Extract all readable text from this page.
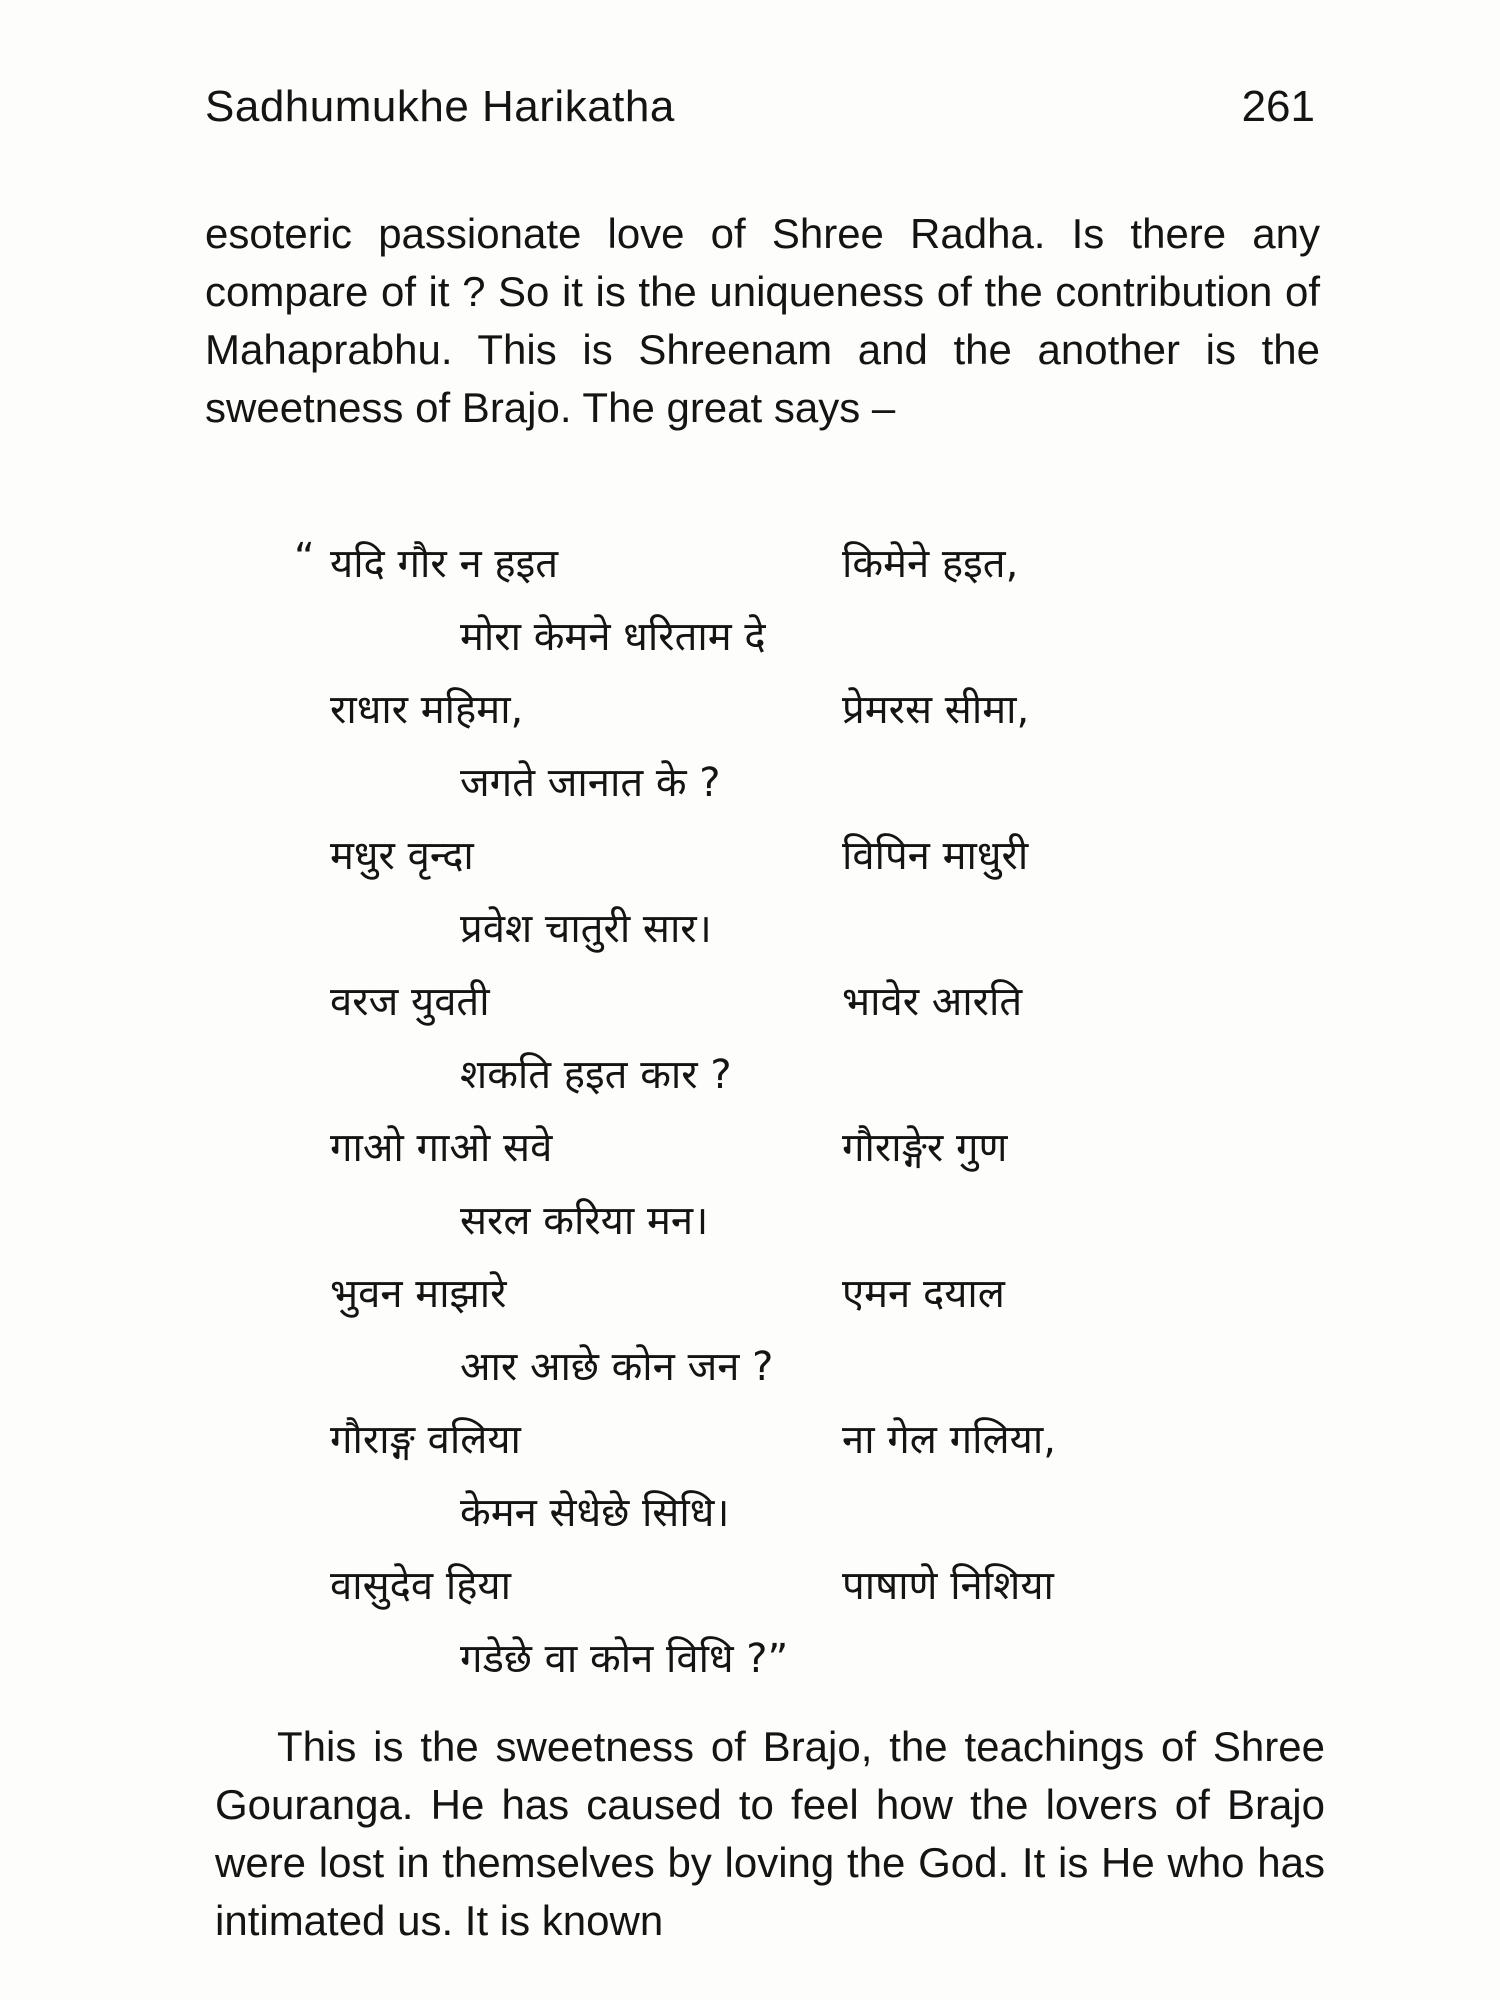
Sadhumukhe Harikatha	261

esoteric passionate love of Shree Radha. Is there any compare of it ? So it is the uniqueness of the contribution of Mahaprabhu. This is Shreenam and the another is the sweetness of Brajo. The great says –

“ यदि गौर न हइत	किमेने हइत,
मोरा केमने धरिताम दे
राधार महिमा,	प्रेमरस सीमा,
जगते जानात के ?
मधुर वृन्दा	विपिन माधुरी
प्रवेश चातुरी सार।
वरज युवती	भावेर आरति
शकति हइत कार ?
गाओ गाओ सवे	गौराङ्गेर गुण
सरल करिया मन।
भुवन माझारे	एमन दयाल
आर आछे कोन जन ?
गौराङ्ग वलिया	ना गेल गलिया,
केमन सेधेछे सिधि।
वासुदेव हिया	पाषाणे निशिया
गडेछे वा कोन विधि ?”

This is the sweetness of Brajo, the teachings of Shree Gouranga. He has caused to feel how the lovers of Brajo were lost in themselves by loving the God. It is He who has intimated us. It is known
